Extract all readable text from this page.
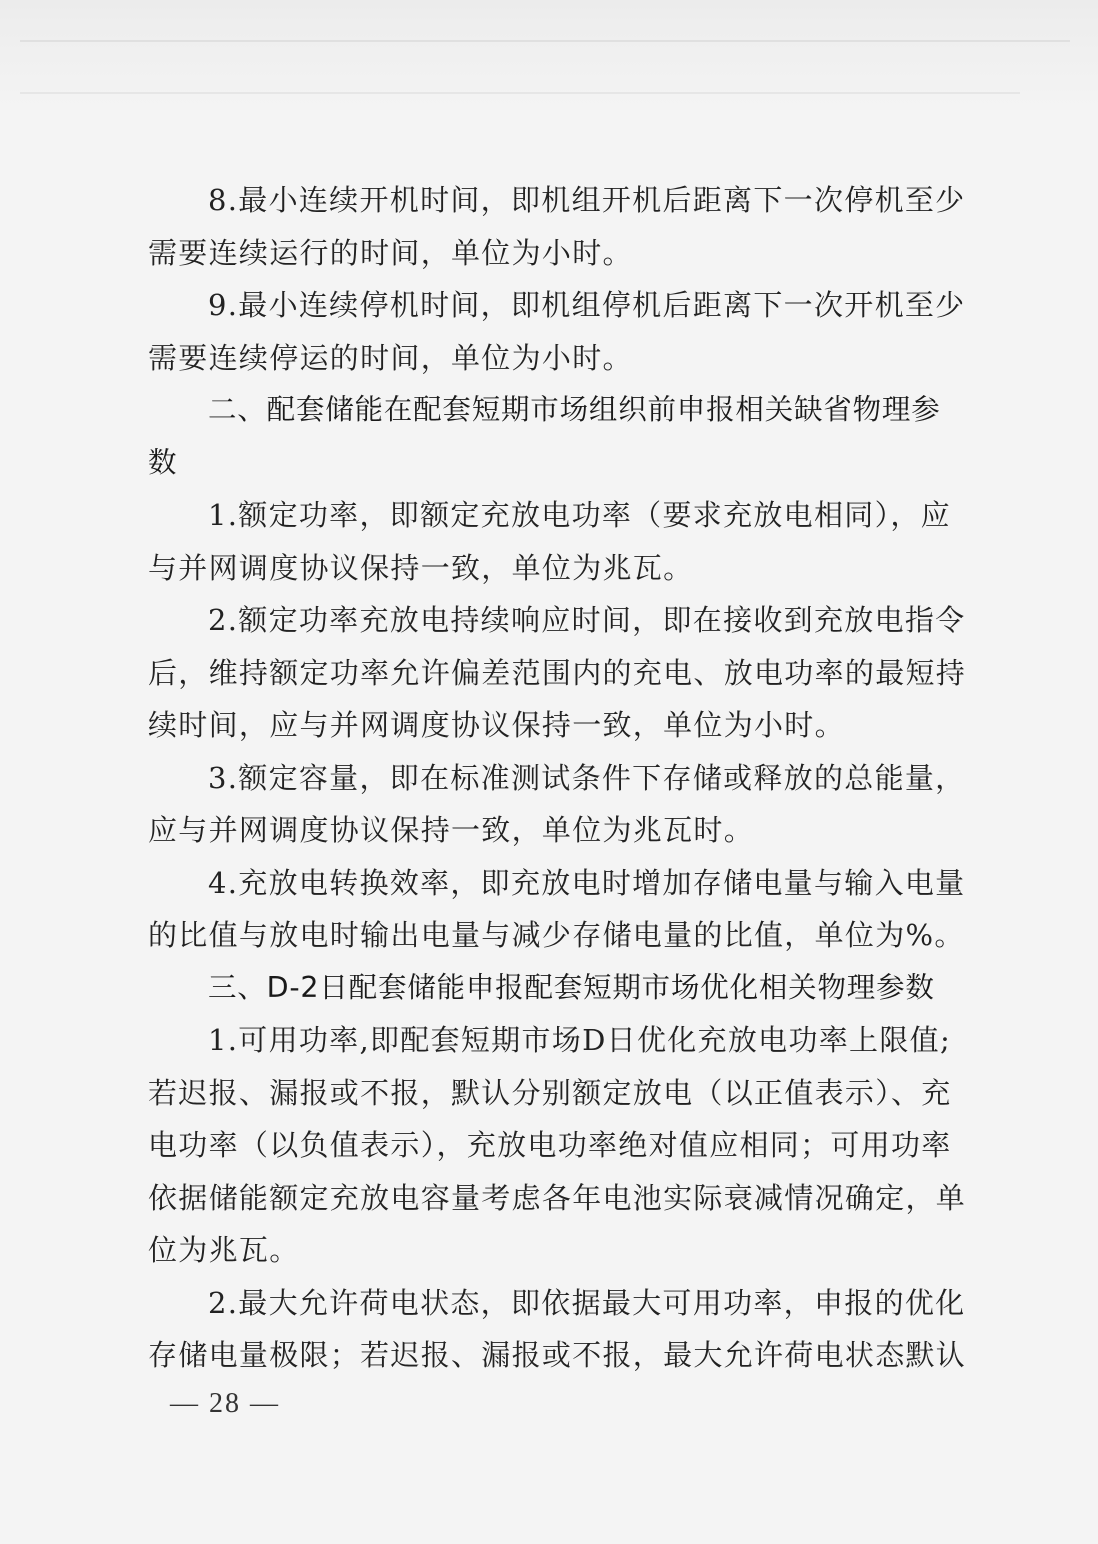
8.最小连续开机时间，即机组开机后距离下一次停机至少
需要连续运行的时间，单位为小时。
9.最小连续停机时间，即机组停机后距离下一次开机至少
需要连续停运的时间，单位为小时。
二、配套储能在配套短期市场组织前申报相关缺省物理参
数
1.额定功率，即额定充放电功率（要求充放电相同），应
与并网调度协议保持一致，单位为兆瓦。
2.额定功率充放电持续响应时间，即在接收到充放电指令
后，维持额定功率允许偏差范围内的充电、放电功率的最短持
续时间，应与并网调度协议保持一致，单位为小时。
3.额定容量，即在标准测试条件下存储或释放的总能量，
应与并网调度协议保持一致，单位为兆瓦时。
4.充放电转换效率，即充放电时增加存储电量与输入电量
的比值与放电时输出电量与减少存储电量的比值，单位为%。
三、D-2日配套储能申报配套短期市场优化相关物理参数
1.可用功率,即配套短期市场D日优化充放电功率上限值;
若迟报、漏报或不报，默认分别额定放电（以正值表示）、充
电功率（以负值表示），充放电功率绝对值应相同；可用功率
依据储能额定充放电容量考虑各年电池实际衰减情况确定，单
位为兆瓦。
2.最大允许荷电状态，即依据最大可用功率，申报的优化
存储电量极限；若迟报、漏报或不报，最大允许荷电状态默认
— 28 —
